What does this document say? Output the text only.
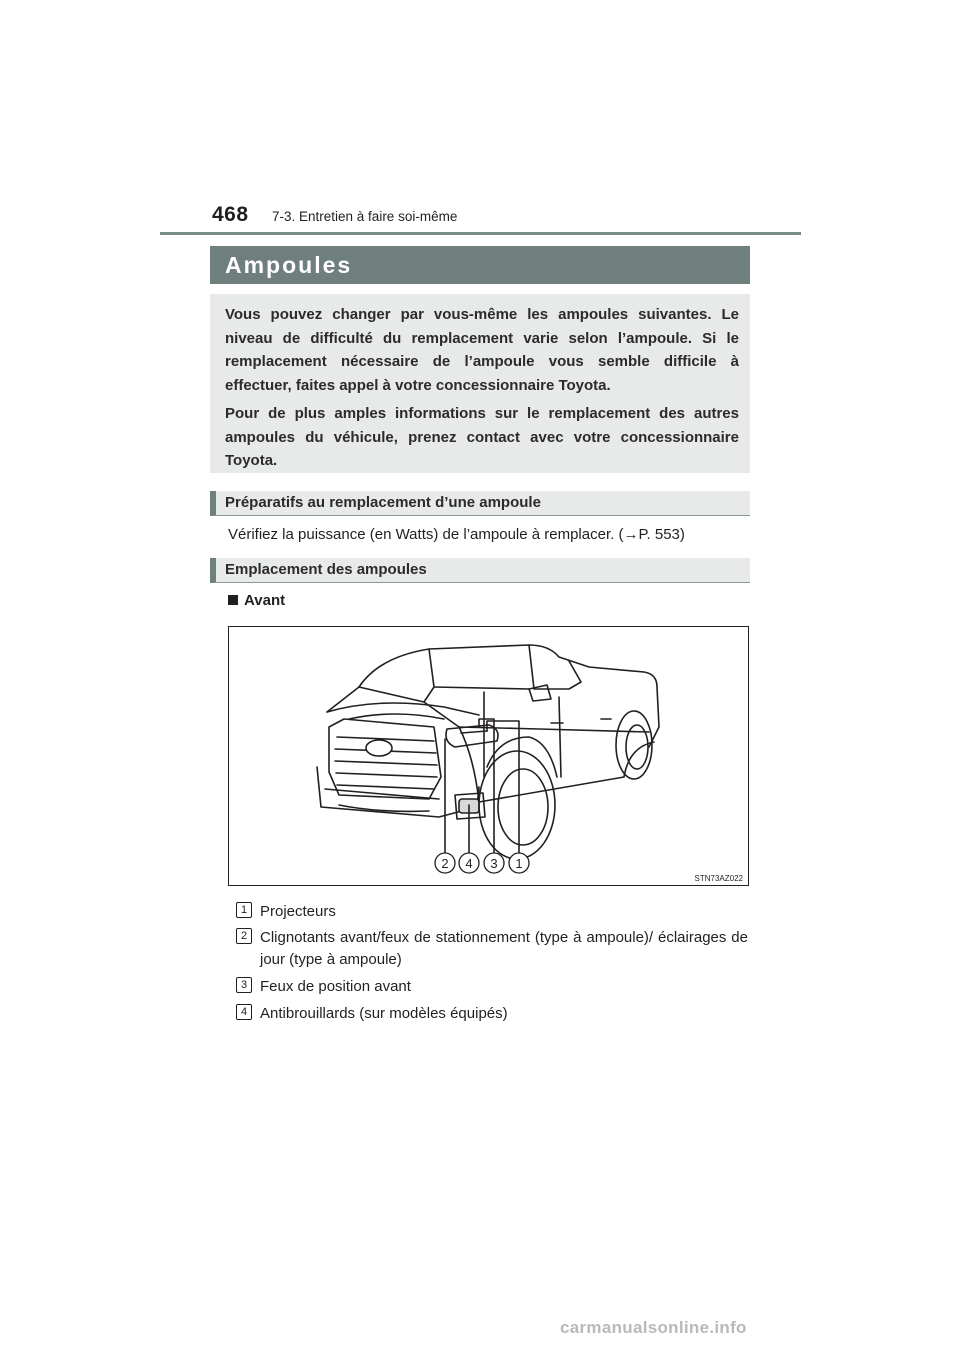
468 7-3. Entretien à faire soi-même
Ampoules

Vous pouvez changer par vous-même les ampoules suivantes. Le niveau de difficulté du remplacement varie selon l’ampoule. Si le remplacement nécessaire de l’ampoule vous semble difficile à effectuer, faites appel à votre concessionnaire Toyota.

Pour de plus amples informations sur le remplacement des autres ampoules du véhicule, prenez contact avec votre concessionnaire Toyota.

Préparatifs au remplacement d’une ampoule
Vérifiez la puissance (en Watts) de l’ampoule à remplacer. (→P. 553)
Emplacement des ampoules
Avant
2 4 3 1
STN73AZ022
1 Projecteurs
2 Clignotants avant/feux de stationnement (type à ampoule)/ éclairages de jour (type à ampoule)
3 Feux de position avant
4 Antibrouillards (sur modèles équipés)
carmanualsonline.info
